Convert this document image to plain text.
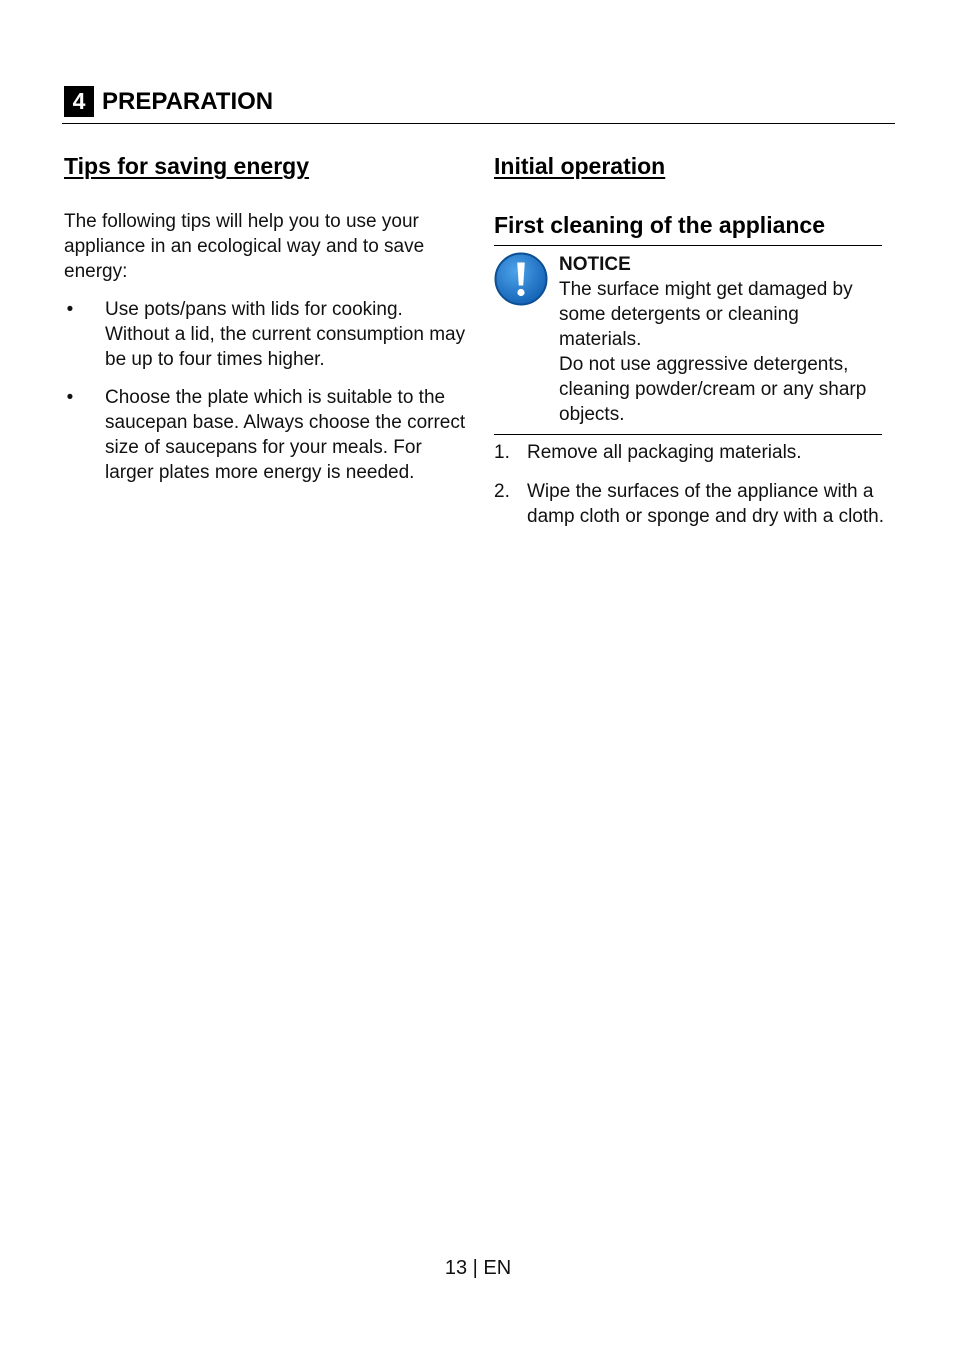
4 PREPARATION
Tips for saving energy

The following tips will help you to use your appliance in an ecological way and to save energy:

• Use pots/pans with lids for cooking. Without a lid, the current consumption may be up to four times higher.
• Choose the plate which is suitable to the saucepan base. Always choose the correct size of saucepans for your meals. For larger plates more energy is needed.
Initial operation
First cleaning of the appliance

NOTICE

The surface might get damaged by some detergents or cleaning materials.

Do not use aggressive detergents, cleaning powder/cream or any sharp objects.

1. Remove all packaging materials.
2. Wipe the surfaces of the appliance with a damp cloth or sponge and dry with a cloth.
13 | EN
